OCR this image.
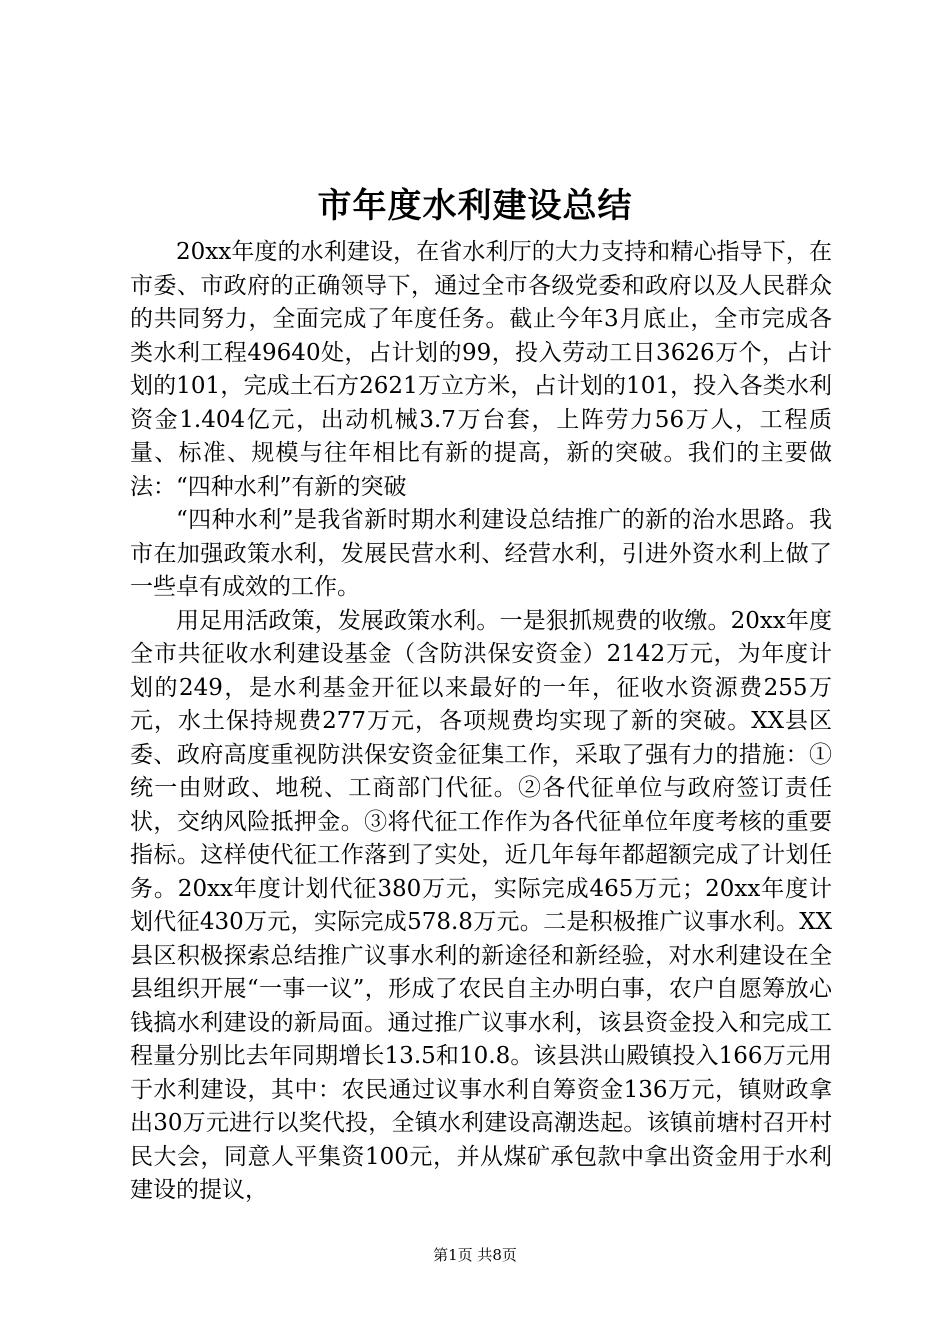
市年度水利建设总结

20xx年度的水利建设，在省水利厅的大力支持和精心指导下，在市委、市政府的正确领导下，通过全市各级党委和政府以及人民群众的共同努力，全面完成了年度任务。截止今年3月底止，全市完成各类水利工程49640处，占计划的99，投入劳动工日3626万个，占计划的101，完成土石方2621万立方米，占计划的101，投入各类水利资金1.404亿元，出动机械3.7万台套，上阵劳力56万人，工程质量、标准、规模与往年相比有新的提高，新的突破。我们的主要做法：“四种水利”有新的突破

“四种水利”是我省新时期水利建设总结推广的新的治水思路。我市在加强政策水利，发展民营水利、经营水利，引进外资水利上做了一些卓有成效的工作。

用足用活政策，发展政策水利。一是狠抓规费的收缴。20xx年度全市共征收水利建设基金（含防洪保安资金）2142万元，为年度计划的249，是水利基金开征以来最好的一年，征收水资源费255万元，水土保持规费277万元，各项规费均实现了新的突破。XX县区委、政府高度重视防洪保安资金征集工作，采取了强有力的措施：①统一由财政、地税、工商部门代征。②各代征单位与政府签订责任状，交纳风险抵押金。③将代征工作作为各代征单位年度考核的重要指标。这样使代征工作落到了实处，近几年每年都超额完成了计划任务。20xx年度计划代征380万元，实际完成465万元；20xx年度计划代征430万元，实际完成578.8万元。二是积极推广议事水利。XX县区积极探索总结推广议事水利的新途径和新经验，对水利建设在全县组织开展“一事一议”，形成了农民自主办明白事，农户自愿筹放心钱搞水利建设的新局面。通过推广议事水利，该县资金投入和完成工程量分别比去年同期增长13.5和10.8。该县洪山殿镇投入166万元用于水利建设，其中：农民通过议事水利自筹资金136万元，镇财政拿出30万元进行以奖代投，全镇水利建设高潮迭起。该镇前塘村召开村民大会，同意人平集资100元，并从煤矿承包款中拿出资金用于水利建设的提议，

第1页 共8页
